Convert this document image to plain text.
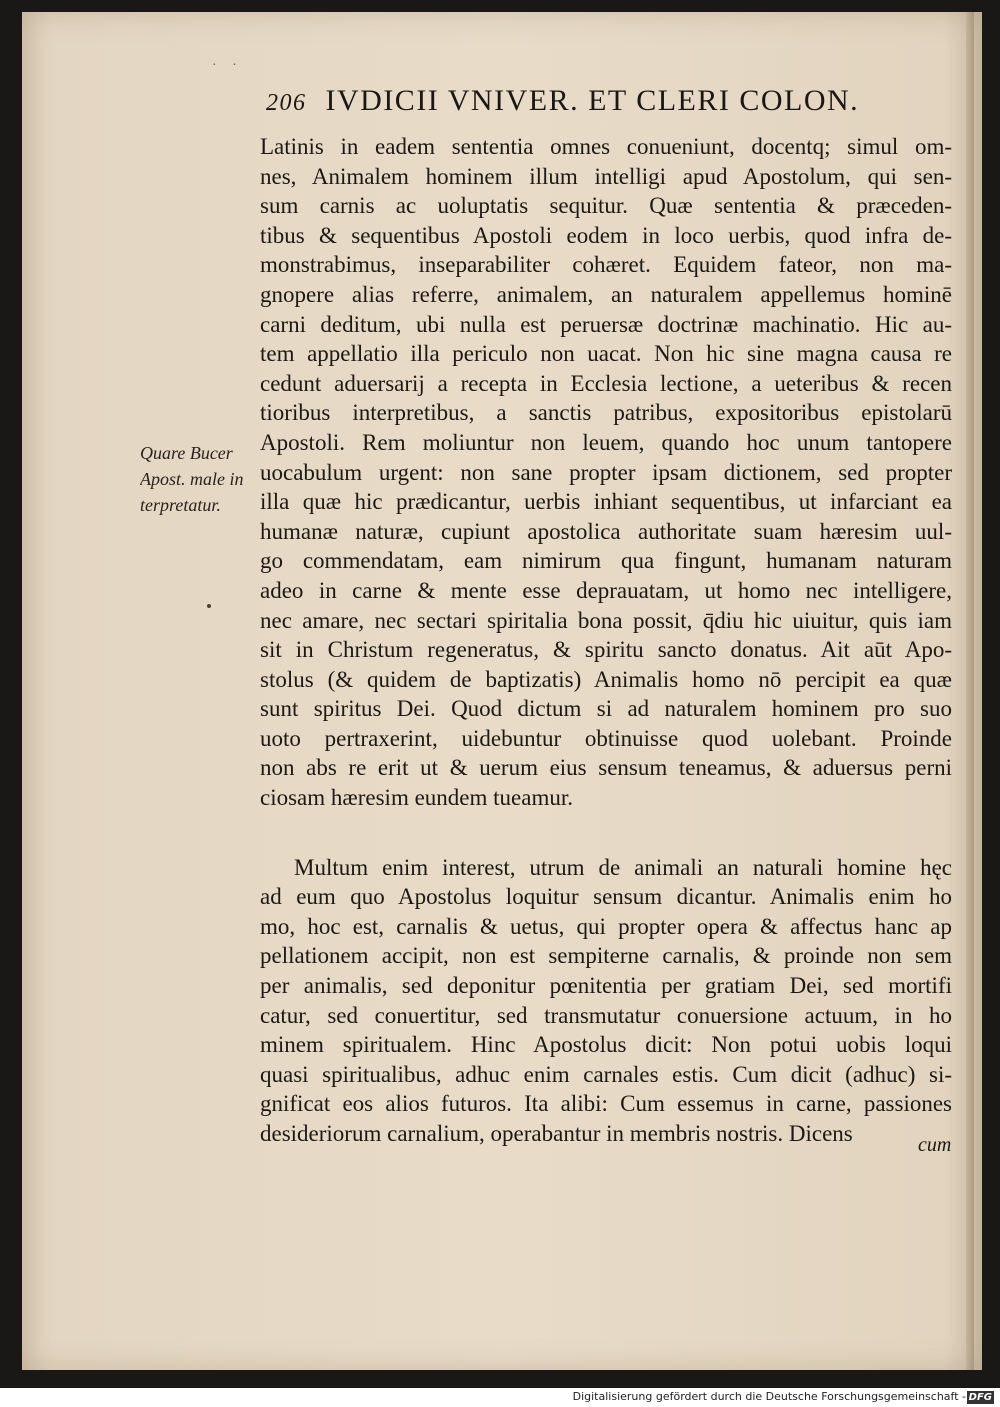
· ·
206 IVDICII VNIVER. ET CLERI COLON.
Quare Bucer
Apost. male in
terpretatur.
Latinis in eadem sententia omnes conueniunt, docentq; simul om-
nes, Animalem hominem illum intelligi apud Apostolum, qui sen-
sum carnis ac uoluptatis sequitur. Quæ sententia & præceden-
tibus & sequentibus Apostoli eodem in loco uerbis, quod infra de-
monstrabimus, inseparabiliter cohæret. Equidem fateor, non ma-
gnopere alias referre, animalem, an naturalem appellemus hominē
carni deditum, ubi nulla est peruersæ doctrinæ machinatio. Hic au-
tem appellatio illa periculo non uacat. Non hic sine magna causa re
cedunt aduersarij a recepta in Ecclesia lectione, a ueteribus & recen
tioribus interpretibus, a sanctis patribus, expositoribus epistolarū
Apostoli. Rem moliuntur non leuem, quando hoc unum tantopere
uocabulum urgent: non sane propter ipsam dictionem, sed propter
illa quæ hic prædicantur, uerbis inhiant sequentibus, ut infarciant ea
humanæ naturæ, cupiunt apostolica authoritate suam hæresim uul-
go commendatam, eam nimirum qua fingunt, humanam naturam
adeo in carne & mente esse deprauatam, ut homo nec intelligere,
nec amare, nec sectari spiritalia bona possit, q̄diu hic uiuitur, quis iam
sit in Christum regeneratus, & spiritu sancto donatus. Ait aūt Apo-
stolus (& quidem de baptizatis) Animalis homo nō percipit ea quæ
sunt spiritus Dei. Quod dictum si ad naturalem hominem pro suo
uoto pertraxerint, uidebuntur obtinuisse quod uolebant. Proinde
non abs re erit ut & uerum eius sensum teneamus, & aduersus perni
ciosam hæresim eundem tueamur.
Multum enim interest, utrum de animali an naturali homine hęc
ad eum quo Apostolus loquitur sensum dicantur. Animalis enim ho
mo, hoc est, carnalis & uetus, qui propter opera & affectus hanc ap
pellationem accipit, non est sempiterne carnalis, & proinde non sem
per animalis, sed deponitur pœnitentia per gratiam Dei, sed mortifi
catur, sed conuertitur, sed transmutatur conuersione actuum, in ho
minem spiritualem. Hinc Apostolus dicit: Non potui uobis loqui
quasi spiritualibus, adhuc enim carnales estis. Cum dicit (adhuc) si-
gnificat eos alios futuros. Ita alibi: Cum essemus in carne, passiones
desideriorum carnalium, operabantur in membris nostris. Dicens	cum
Digitalisierung gefördert durch die Deutsche Forschungsgemeinschaft - DFG
